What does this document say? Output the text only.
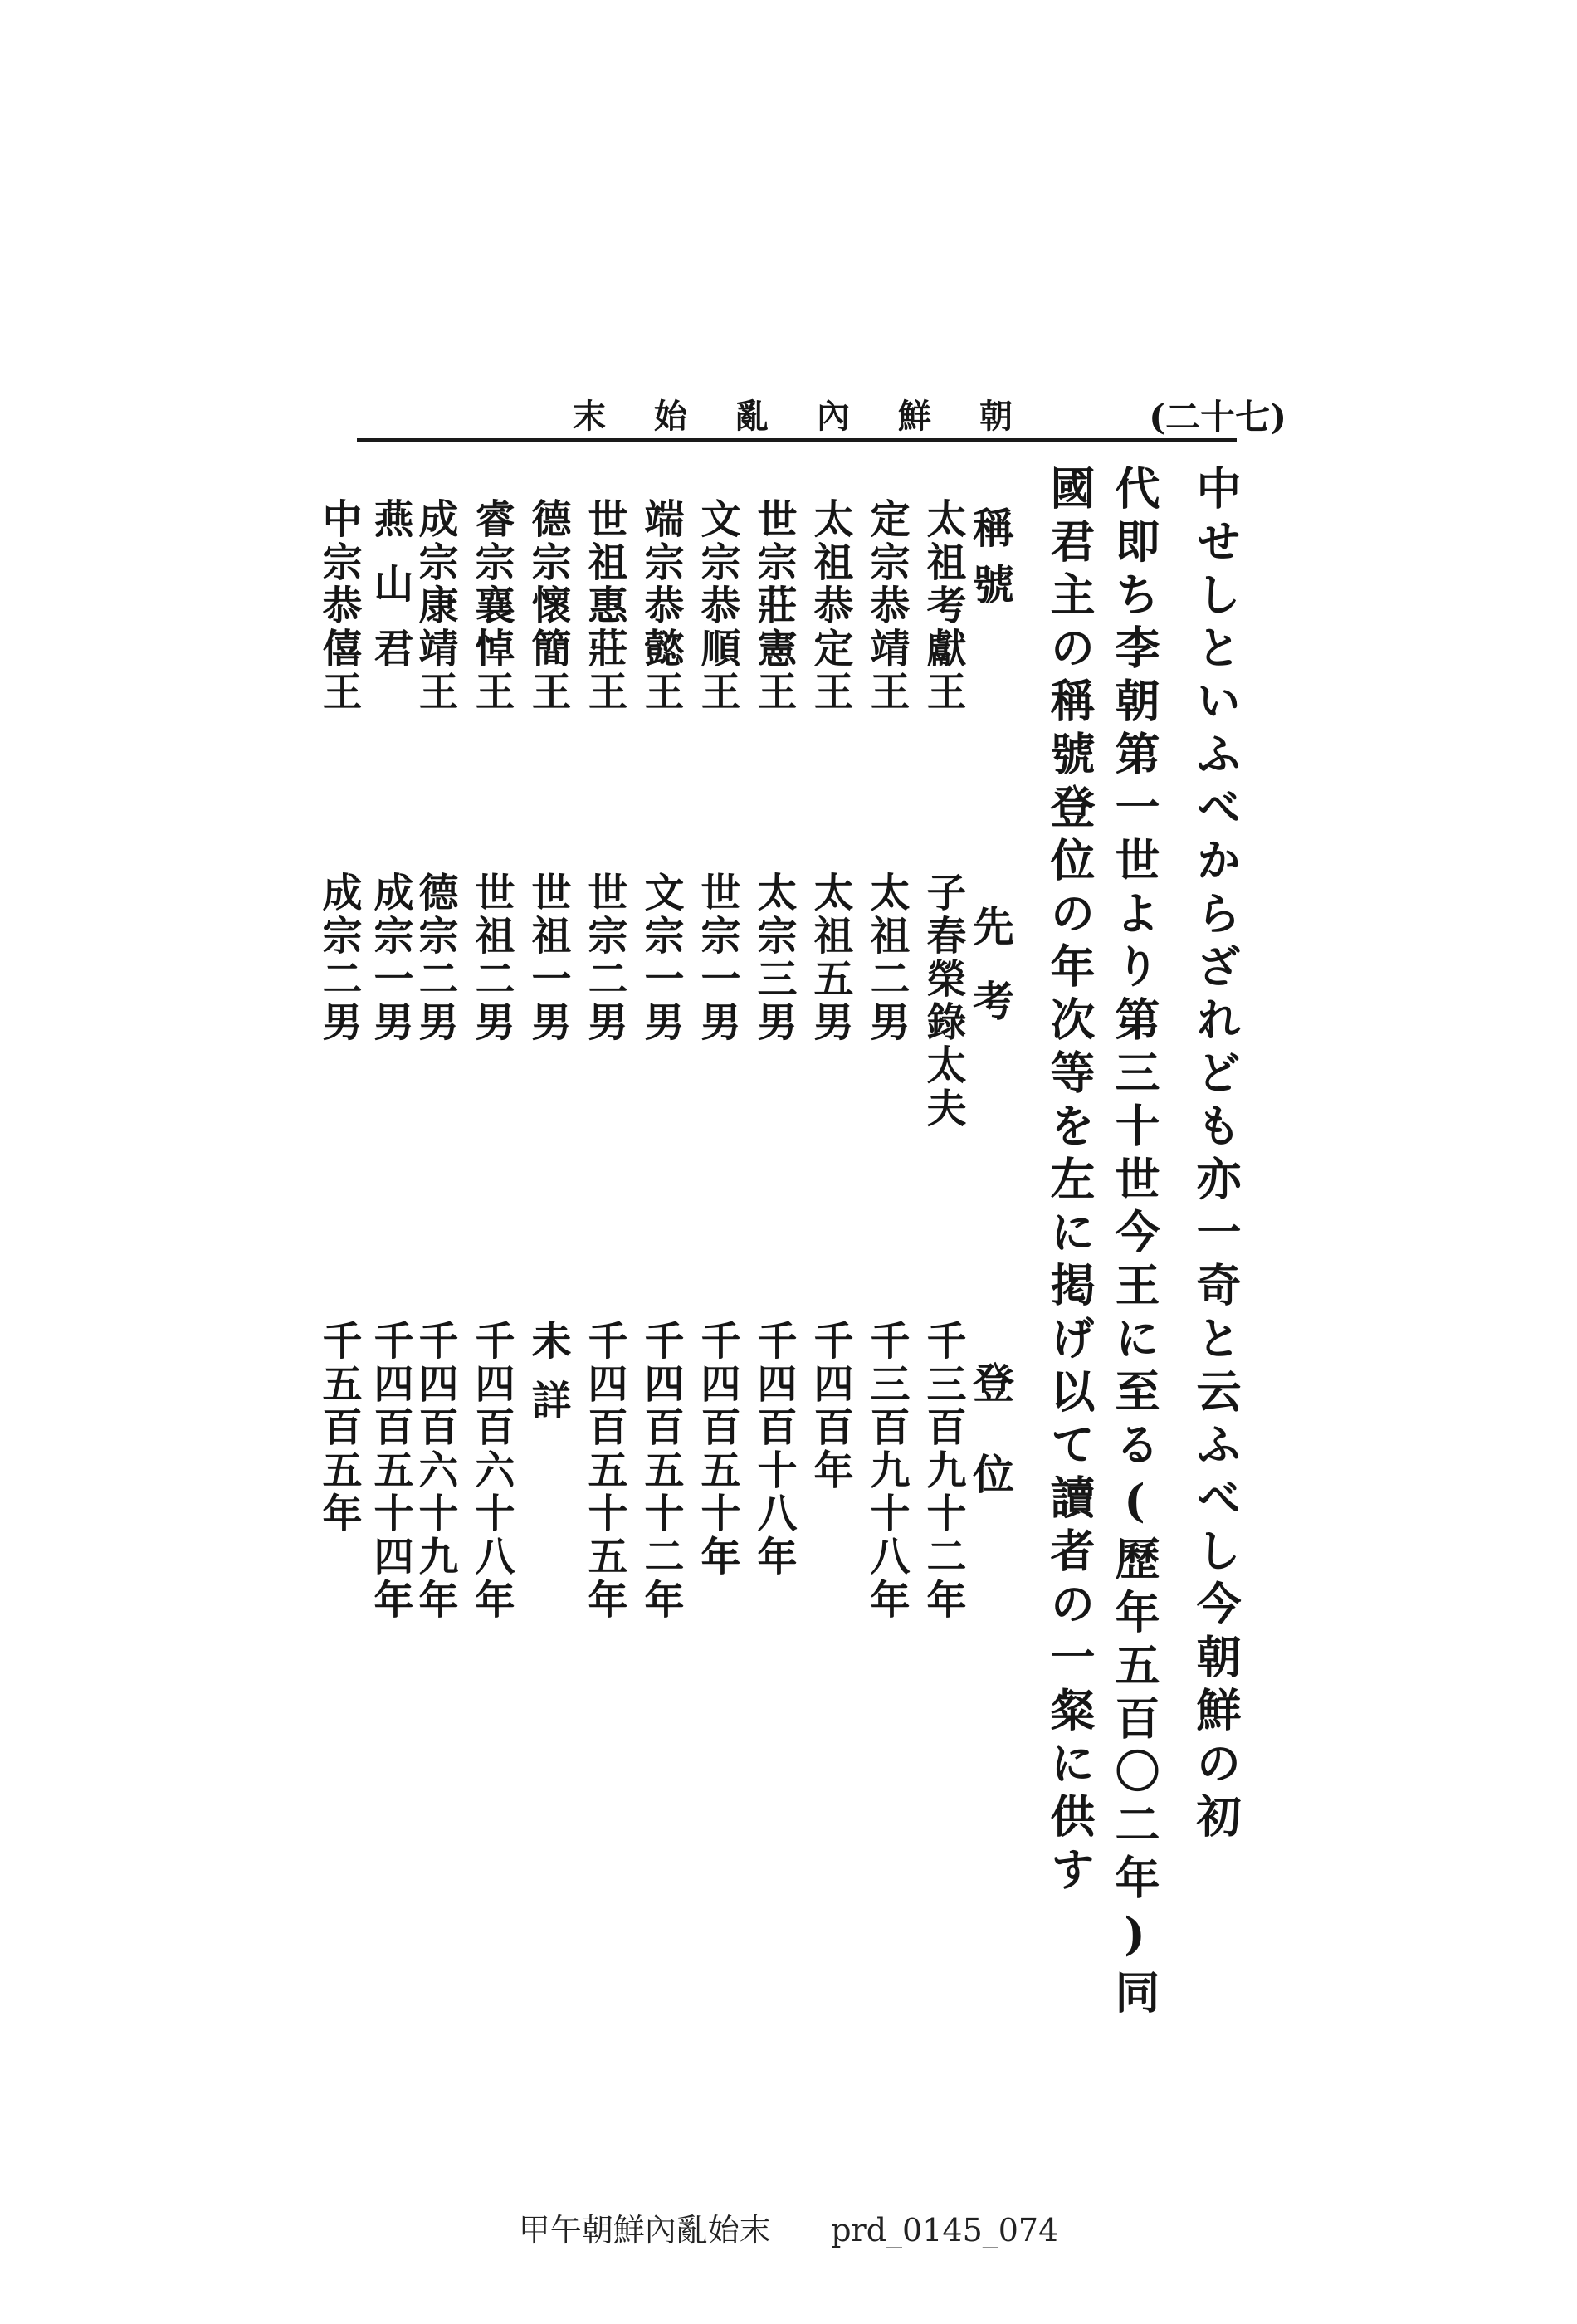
朝鮮內亂始末	(二十七)
中せしといふべからざれども亦一奇と云ふべし今朝鮮の初
代即ち李朝第一世より第三十世今王に至る(歷年五百〇二年)同
國君主の稱號登位の年次等を左に掲げ以て讀者の一粲に供す
稱號
先考
登位
太祖考獻王
定宗恭靖王
太祖恭定王
世宗莊憲王
文宗恭順王
端宗恭懿王
世祖惠莊王
德宗懷簡王
睿宗襄悼王
成宗康靖王
燕山君
中宗恭僖王
子春榮錄太夫
太祖二男
太祖五男
太宗三男
世宗一男
文宗一男
世宗二男
世祖一男
世祖二男
德宗二男
成宗一男
成宗二男
千三百九十二年
千三百九十八年
千四百年
千四百十八年
千四百五十年
千四百五十二年
千四百五十五年
未詳
千四百六十八年
千四百六十九年
千四百五十四年
千五百五年
甲午朝鮮內亂始末 prd_0145_074
